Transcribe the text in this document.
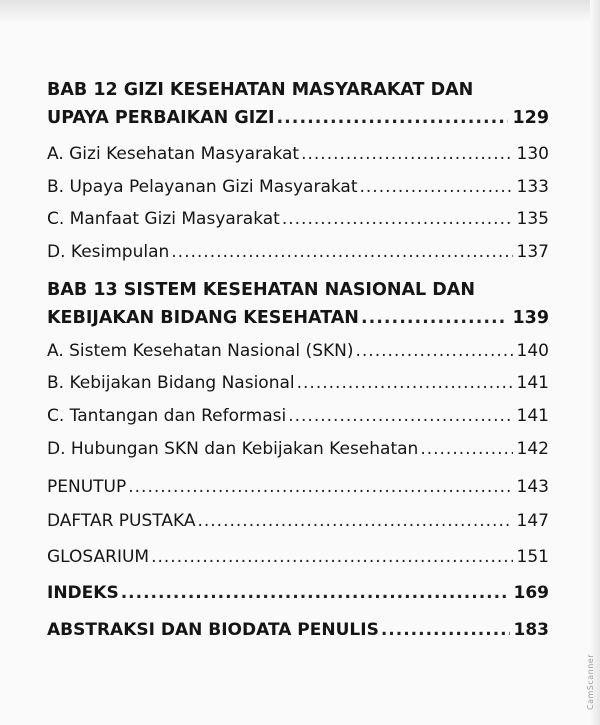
BAB 12 GIZI KESEHATAN MASYARAKAT DAN
UPAYA PERBAIKAN GIZI .....	129
A. Gizi Kesehatan Masyarakat .....	130
B. Upaya Pelayanan Gizi Masyarakat .....	133
C. Manfaat Gizi Masyarakat .....	135
D. Kesimpulan .....	137
BAB 13 SISTEM KESEHATAN NASIONAL DAN
KEBIJAKAN BIDANG KESEHATAN .....	139
A. Sistem Kesehatan Nasional (SKN) .....	140
B. Kebijakan Bidang Nasional .....	141
C. Tantangan dan Reformasi .....	141
D. Hubungan SKN dan Kebijakan Kesehatan .....	142
PENUTUP .....	143
DAFTAR PUSTAKA .....	147
GLOSARIUM .....	151
INDEKS .....	169
ABSTRAKSI DAN BIODATA PENULIS .....	183
CamScanner
